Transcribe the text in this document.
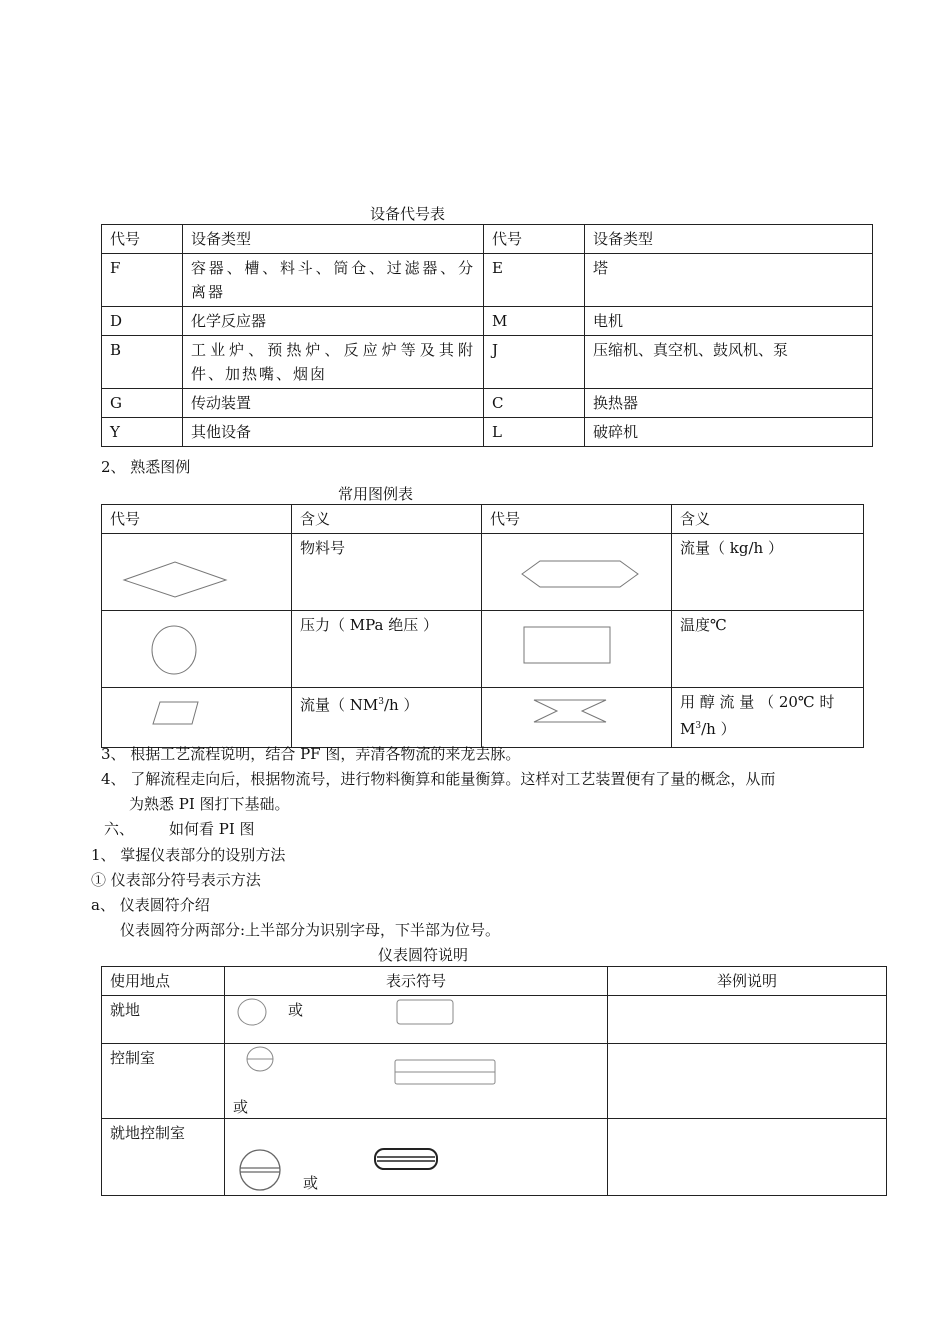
设备代号表
代号	设备类型	代号	设备类型
F	容器、槽、料斗、筒仓、过滤器、分离器	E	塔
D	化学反应器	M	电机
B	工业炉、预热炉、反应炉等及其附件、加热嘴、烟囱	J	压缩机、真空机、鼓风机、泵
G	传动装置	C	换热器
Y	其他设备	L	破碎机
2、 熟悉图例
常用图例表
代号	含义	代号	含义

	物料号		流量（ kg/h ）

	压力（ MPa 绝压 ）		温度℃

	流量（ $NM^3/h$ ）		用 醇 流 量 （ 20℃ 时
$M^3/h$ ）
3、 根据工艺流程说明，结合 PF 图，弄清各物流的来龙去脉。
4、 了解流程走向后，根据物流号，进行物料衡算和能量衡算。这样对工艺装置便有了量的概念，从而
为熟悉 PI 图打下基础。
六、 如何看 PI 图
1、 掌握仪表部分的设别方法
① 仪表部分符号表示方法
a、 仪表圆符介绍
仪表圆符分两部分:上半部分为识别字母，下半部为位号。
仪表圆符说明
使用地点	表示符号	举例说明
就地	或	

控制室	或	

就地控制室	或	
